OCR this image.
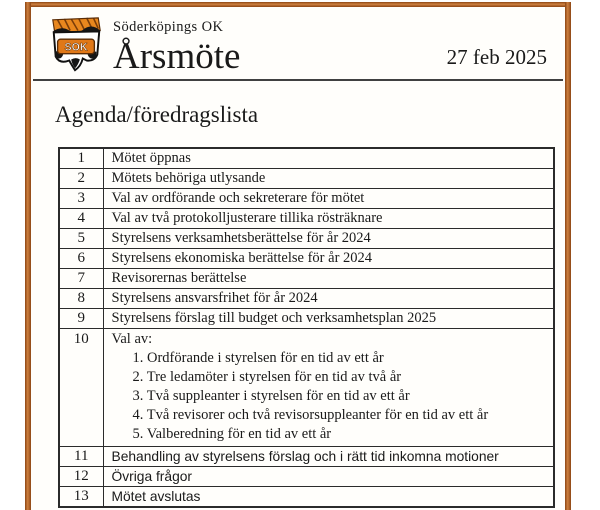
SOK
Söderköpings OK
Årsmöte	27 feb 2025
Agenda/föredragslista
1	Mötet öppnas
2	Mötets behöriga utlysande
3	Val av ordförande och sekreterare för mötet
4	Val av två protokolljusterare tillika rösträknare
5	Styrelsens verksamhetsberättelse för år 2024
6	Styrelsens ekonomiska berättelse för år 2024
7	Revisorernas berättelse
8	Styrelsens ansvarsfrihet för år 2024
9	Styrelsens förslag till budget och verksamhetsplan 2025
10	Val av:
1. Ordförande i styrelsen för en tid av ett år
2. Tre ledamöter i styrelsen för en tid av två år
3. Två suppleanter i styrelsen för en tid av ett år
4. Två revisorer och två revisorsuppleanter för en tid av ett år
5. Valberedning för en tid av ett år

11	Behandling av styrelsens förslag och i rätt tid inkomna motioner
12	Övriga frågor
13	Mötet avslutas
